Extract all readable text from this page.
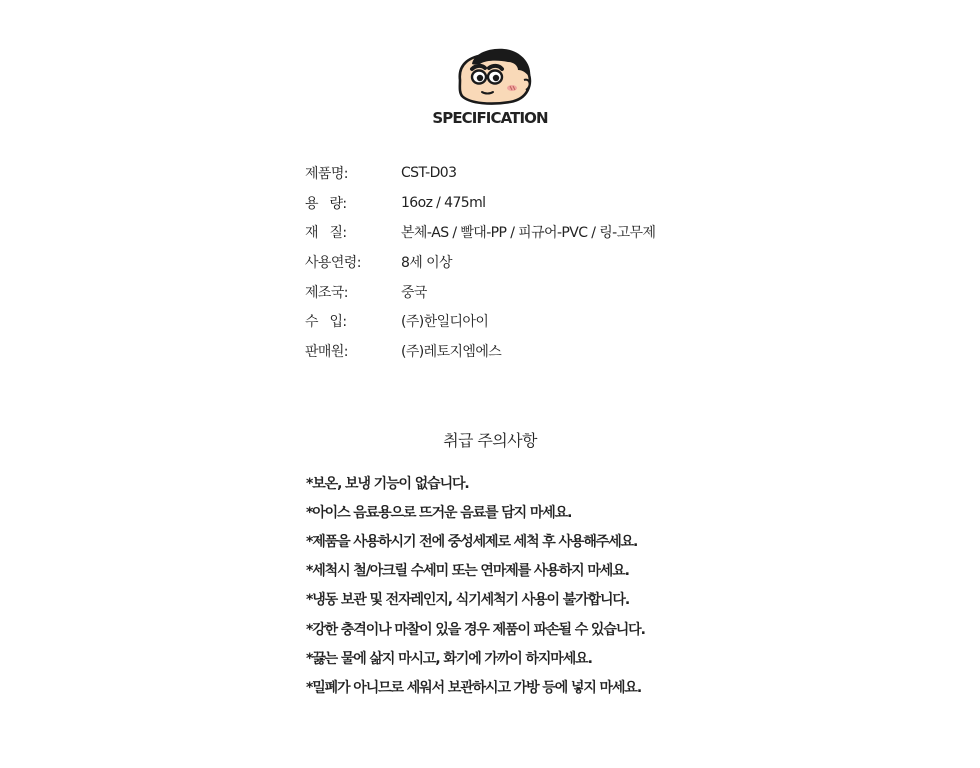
SPECIFICATION
제품명:	CST-D03
용   량:	16oz / 475ml
재   질:	본체-AS / 빨대-PP / 피규어-PVC / 링-고무제
사용연령:	8세 이상
제조국:	중국
수   입:	(주)한일디아이
판매원:	(주)레토지엠에스
취급 주의사항
*보온, 보냉 기능이 없습니다.
*아이스 음료용으로 뜨거운 음료를 담지 마세요.
*제품을 사용하시기 전에 중성세제로 세척 후 사용해주세요.
*세척시 철/아크릴 수세미 또는 연마제를 사용하지 마세요.
*냉동 보관 및 전자레인지, 식기세척기 사용이 불가합니다.
*강한 충격이나 마찰이 있을 경우 제품이 파손될 수 있습니다.
*끓는 물에 삶지 마시고, 화기에 가까이 하지마세요.
*밀폐가 아니므로 세워서 보관하시고 가방 등에 넣지 마세요.
